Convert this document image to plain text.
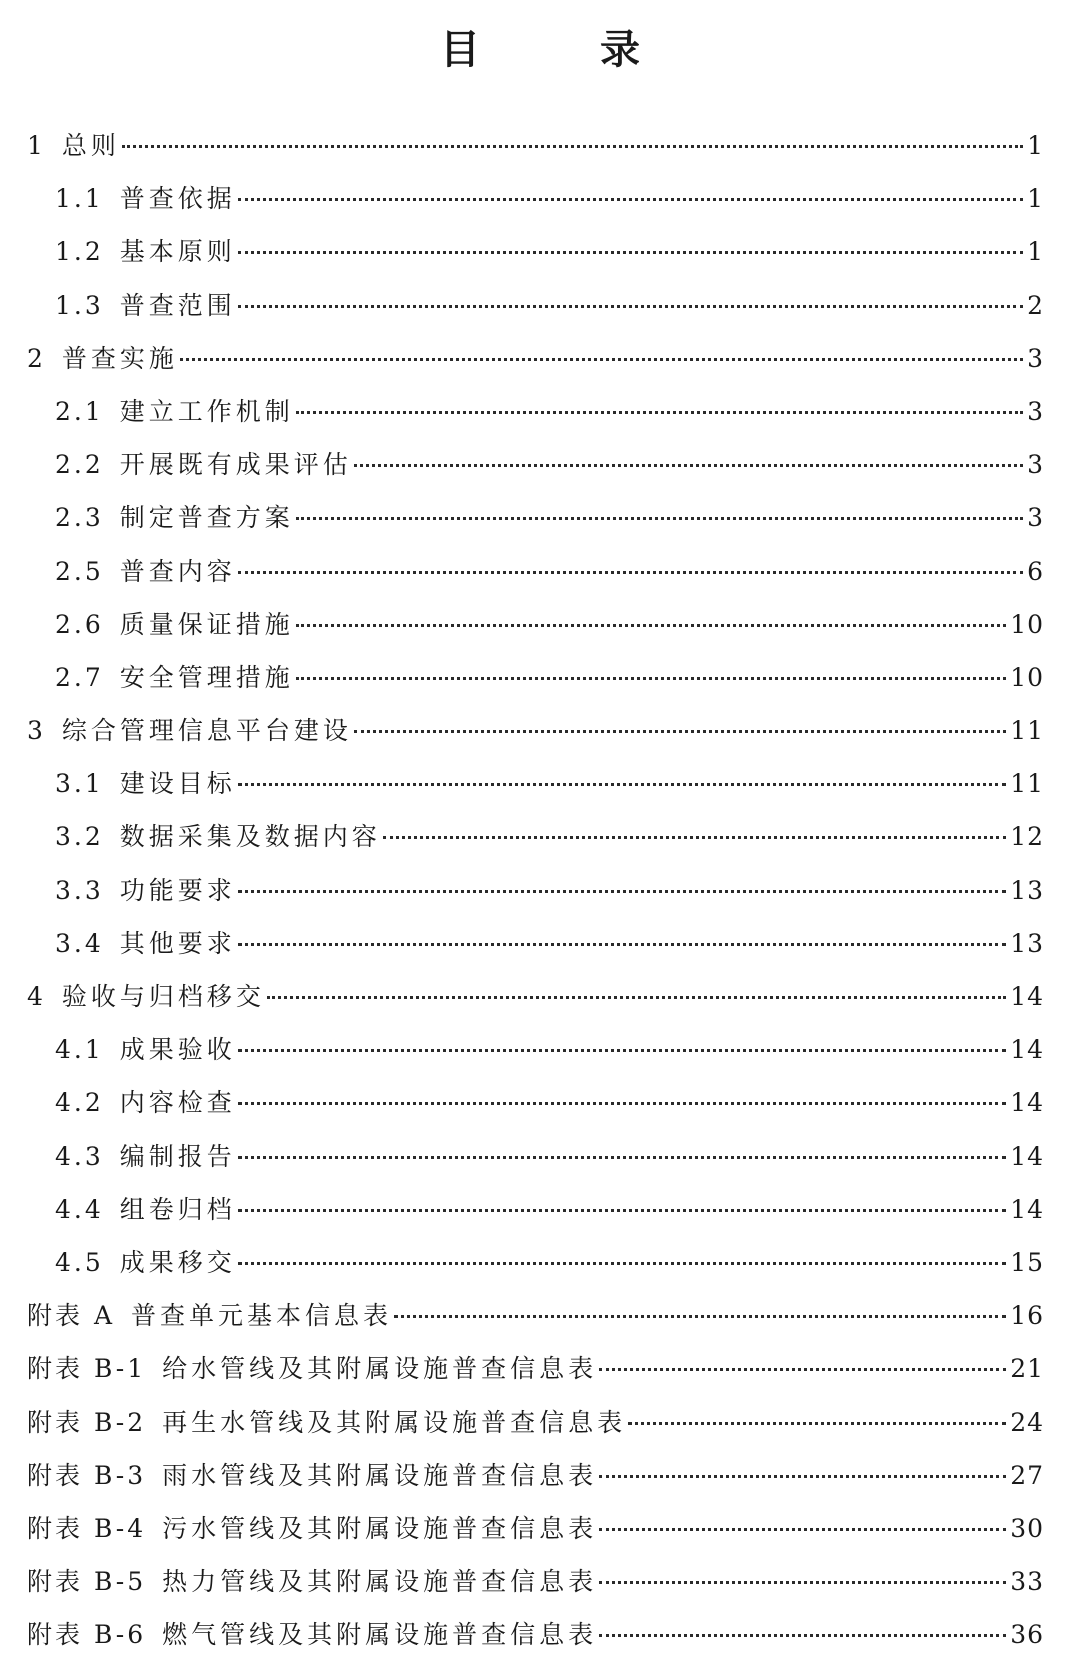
目　录
1 总则	1
1.1 普查依据	1
1.2 基本原则	1
1.3 普查范围	2
2 普查实施	3
2.1 建立工作机制	3
2.2 开展既有成果评估	3
2.3 制定普查方案	3
2.5 普查内容	6
2.6 质量保证措施	10
2.7 安全管理措施	10
3 综合管理信息平台建设	11
3.1 建设目标	11
3.2 数据采集及数据内容	12
3.3 功能要求	13
3.4 其他要求	13
4 验收与归档移交	14
4.1 成果验收	14
4.2 内容检查	14
4.3 编制报告	14
4.4 组卷归档	14
4.5 成果移交	15
附表 A 普查单元基本信息表	16
附表 B-1 给水管线及其附属设施普查信息表	21
附表 B-2 再生水管线及其附属设施普查信息表	24
附表 B-3 雨水管线及其附属设施普查信息表	27
附表 B-4 污水管线及其附属设施普查信息表	30
附表 B-5 热力管线及其附属设施普查信息表	33
附表 B-6 燃气管线及其附属设施普查信息表	36
